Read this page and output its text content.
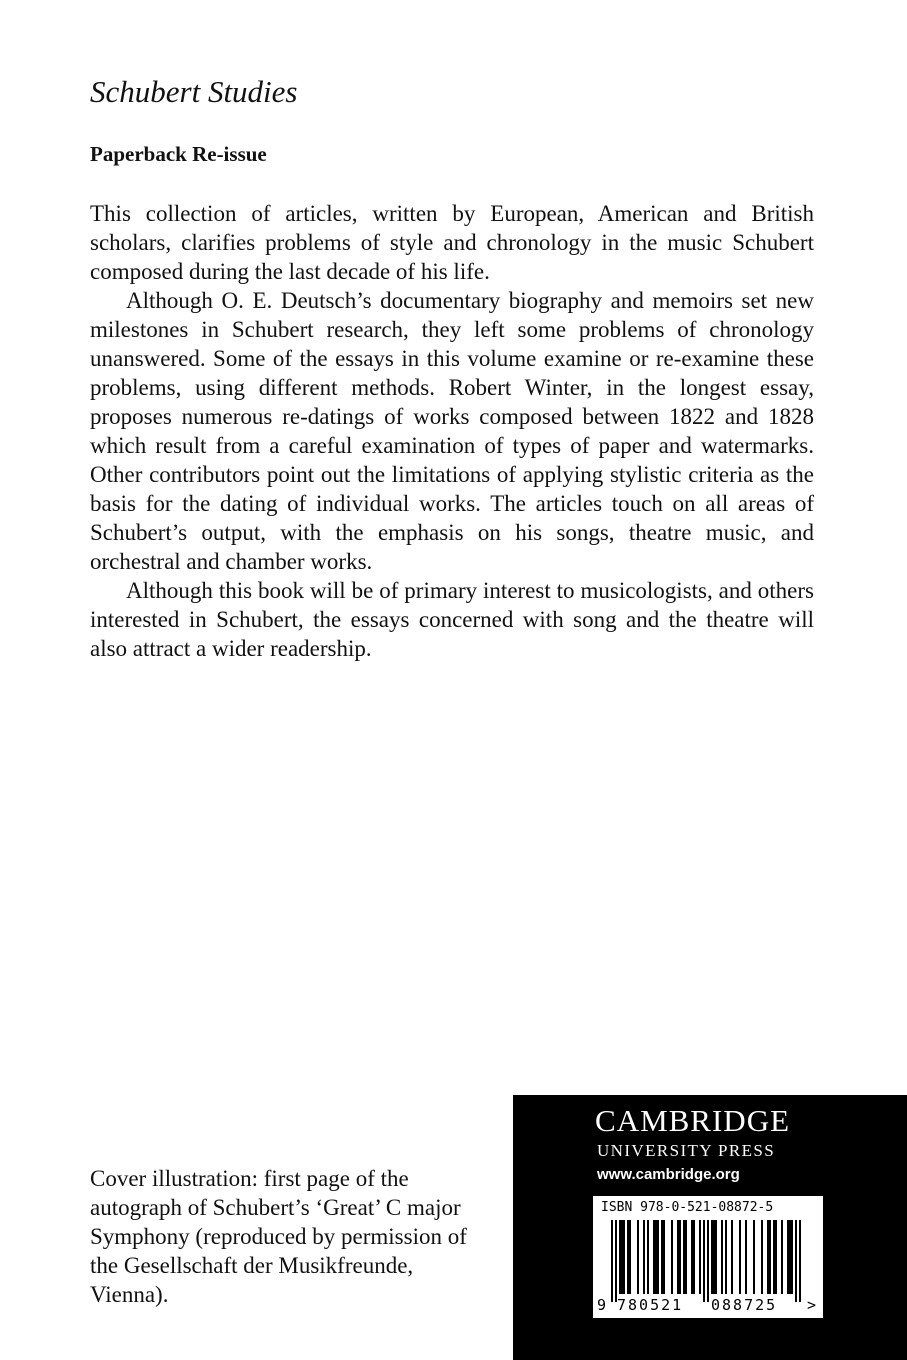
Schubert Studies
Paperback Re-issue

This collection of articles, written by European, American and British scholars, clarifies problems of style and chronology in the music Schubert composed during the last decade of his life.

Although O. E. Deutsch’s documentary biography and memoirs set new milestones in Schubert research, they left some problems of chronology unanswered. Some of the essays in this volume examine or re-examine these problems, using different methods. Robert Winter, in the longest essay, proposes numerous re-datings of works composed between 1822 and 1828 which result from a careful examination of types of paper and watermarks. Other contributors point out the limitations of applying stylistic criteria as the basis for the dating of individual works. The articles touch on all areas of Schubert’s output, with the emphasis on his songs, theatre music, and orchestral and chamber works.

Although this book will be of primary interest to musicologists, and others interested in Schubert, the essays concerned with song and the theatre will also attract a wider readership.

Cover illustration: first page of the autograph of Schubert’s ‘Great’ C major Symphony (reproduced by permission of the Gesellschaft der Musikfreunde, Vienna).

CAMBRIDGE
UNIVERSITY PRESS
www.cambridge.org
ISBN 978-0-521-08872-5
9 780521 088725 >
